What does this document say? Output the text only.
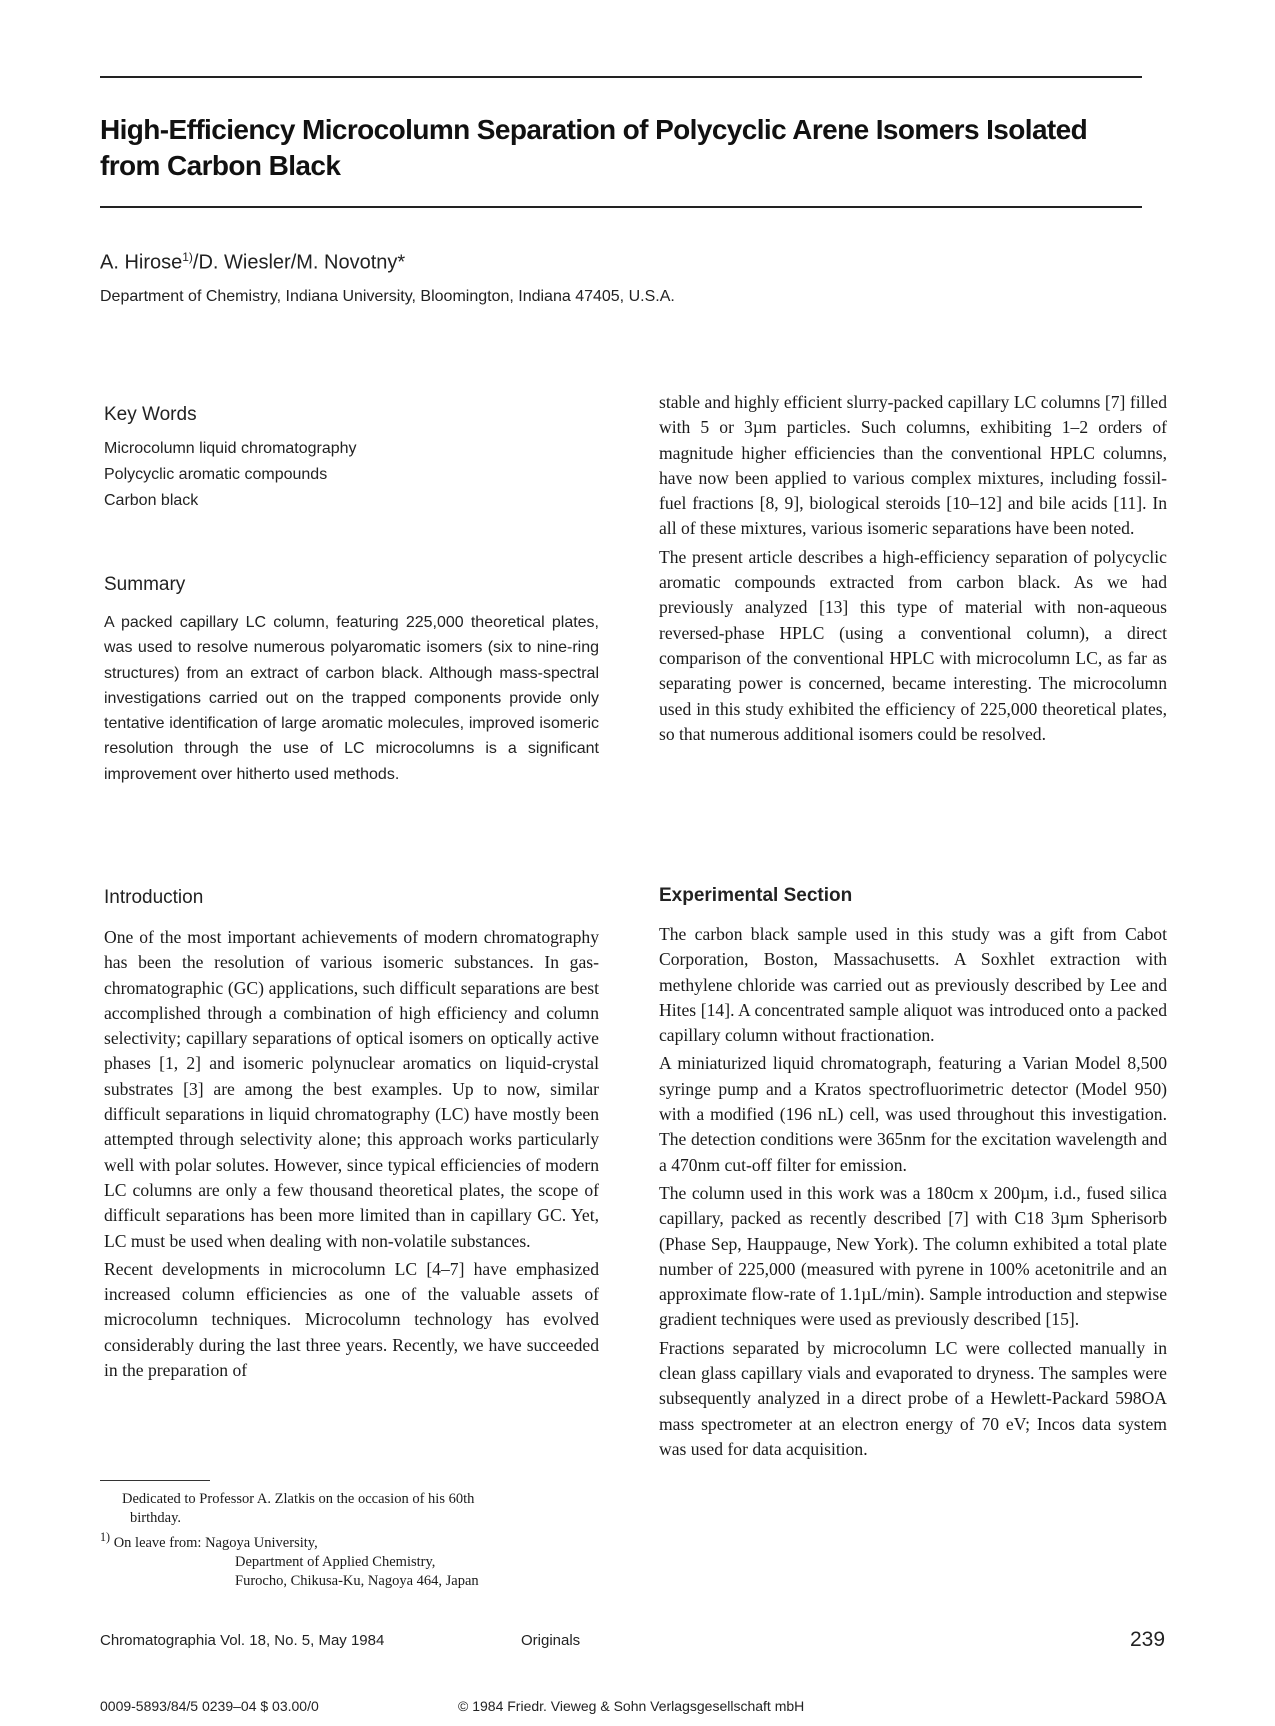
High-Efficiency Microcolumn Separation of Polycyclic Arene Isomers Isolated from Carbon Black
A. Hirose$^{1)}$/D. Wiesler/M. Novotny*
Department of Chemistry, Indiana University, Bloomington, Indiana 47405, U.S.A.
Key Words
Microcolumn liquid chromatography
Polycyclic aromatic compounds
Carbon black
Summary
A packed capillary LC column, featuring 225,000 theoretical plates, was used to resolve numerous polyaromatic isomers (six to nine-ring structures) from an extract of carbon black. Although mass-spectral investigations carried out on the trapped components provide only tentative identification of large aromatic molecules, improved isomeric resolution through the use of LC microcolumns is a significant improvement over hitherto used methods.
Introduction

One of the most important achievements of modern chromatography has been the resolution of various isomeric substances. In gas-chromatographic (GC) applications, such difficult separations are best accomplished through a combination of high efficiency and column selectivity; capillary separations of optical isomers on optically active phases [1, 2] and isomeric polynuclear aromatics on liquid-crystal substrates [3] are among the best examples. Up to now, similar difficult separations in liquid chromatography (LC) have mostly been attempted through selectivity alone; this approach works particularly well with polar solutes. However, since typical efficiencies of modern LC columns are only a few thousand theoretical plates, the scope of difficult separations has been more limited than in capillary GC. Yet, LC must be used when dealing with non-volatile substances.

Recent developments in microcolumn LC [4–7] have emphasized increased column efficiencies as one of the valuable assets of microcolumn techniques. Microcolumn technology has evolved considerably during the last three years. Recently, we have succeeded in the preparation of

Dedicated to Professor A. Zlatkis on the occasion of his 60th
birthday.
$^{1)}$ On leave from: Nagoya University,
Department of Applied Chemistry,
Furocho, Chikusa-Ku, Nagoya 464, Japan

stable and highly efficient slurry-packed capillary LC columns [7] filled with 5 or 3µm particles. Such columns, exhibiting 1–2 orders of magnitude higher efficiencies than the conventional HPLC columns, have now been applied to various complex mixtures, including fossil-fuel fractions [8, 9], biological steroids [10–12] and bile acids [11]. In all of these mixtures, various isomeric separations have been noted.

The present article describes a high-efficiency separation of polycyclic aromatic compounds extracted from carbon black. As we had previously analyzed [13] this type of material with non-aqueous reversed-phase HPLC (using a conventional column), a direct comparison of the conventional HPLC with microcolumn LC, as far as separating power is concerned, became interesting. The microcolumn used in this study exhibited the efficiency of 225,000 theoretical plates, so that numerous additional isomers could be resolved.

Experimental Section

The carbon black sample used in this study was a gift from Cabot Corporation, Boston, Massachusetts. A Soxhlet extraction with methylene chloride was carried out as previously described by Lee and Hites [14]. A concentrated sample aliquot was introduced onto a packed capillary column without fractionation.

A miniaturized liquid chromatograph, featuring a Varian Model 8,500 syringe pump and a Kratos spectrofluorimetric detector (Model 950) with a modified (196 nL) cell, was used throughout this investigation. The detection conditions were 365nm for the excitation wavelength and a 470nm cut-off filter for emission.

The column used in this work was a 180cm x 200µm, i.d., fused silica capillary, packed as recently described [7] with C18 3µm Spherisorb (Phase Sep, Hauppauge, New York). The column exhibited a total plate number of 225,000 (measured with pyrene in 100% acetonitrile and an approximate flow-rate of 1.1µL/min). Sample introduction and stepwise gradient techniques were used as previously described [15].

Fractions separated by microcolumn LC were collected manually in clean glass capillary vials and evaporated to dryness. The samples were subsequently analyzed in a direct probe of a Hewlett-Packard 598OA mass spectrometer at an electron energy of 70 eV; Incos data system was used for data acquisition.

Chromatographia Vol. 18, No. 5, May 1984	Originals	239
0009-5893/84/5 0239–04 $ 03.00/0	© 1984 Friedr. Vieweg & Sohn Verlagsgesellschaft mbH
